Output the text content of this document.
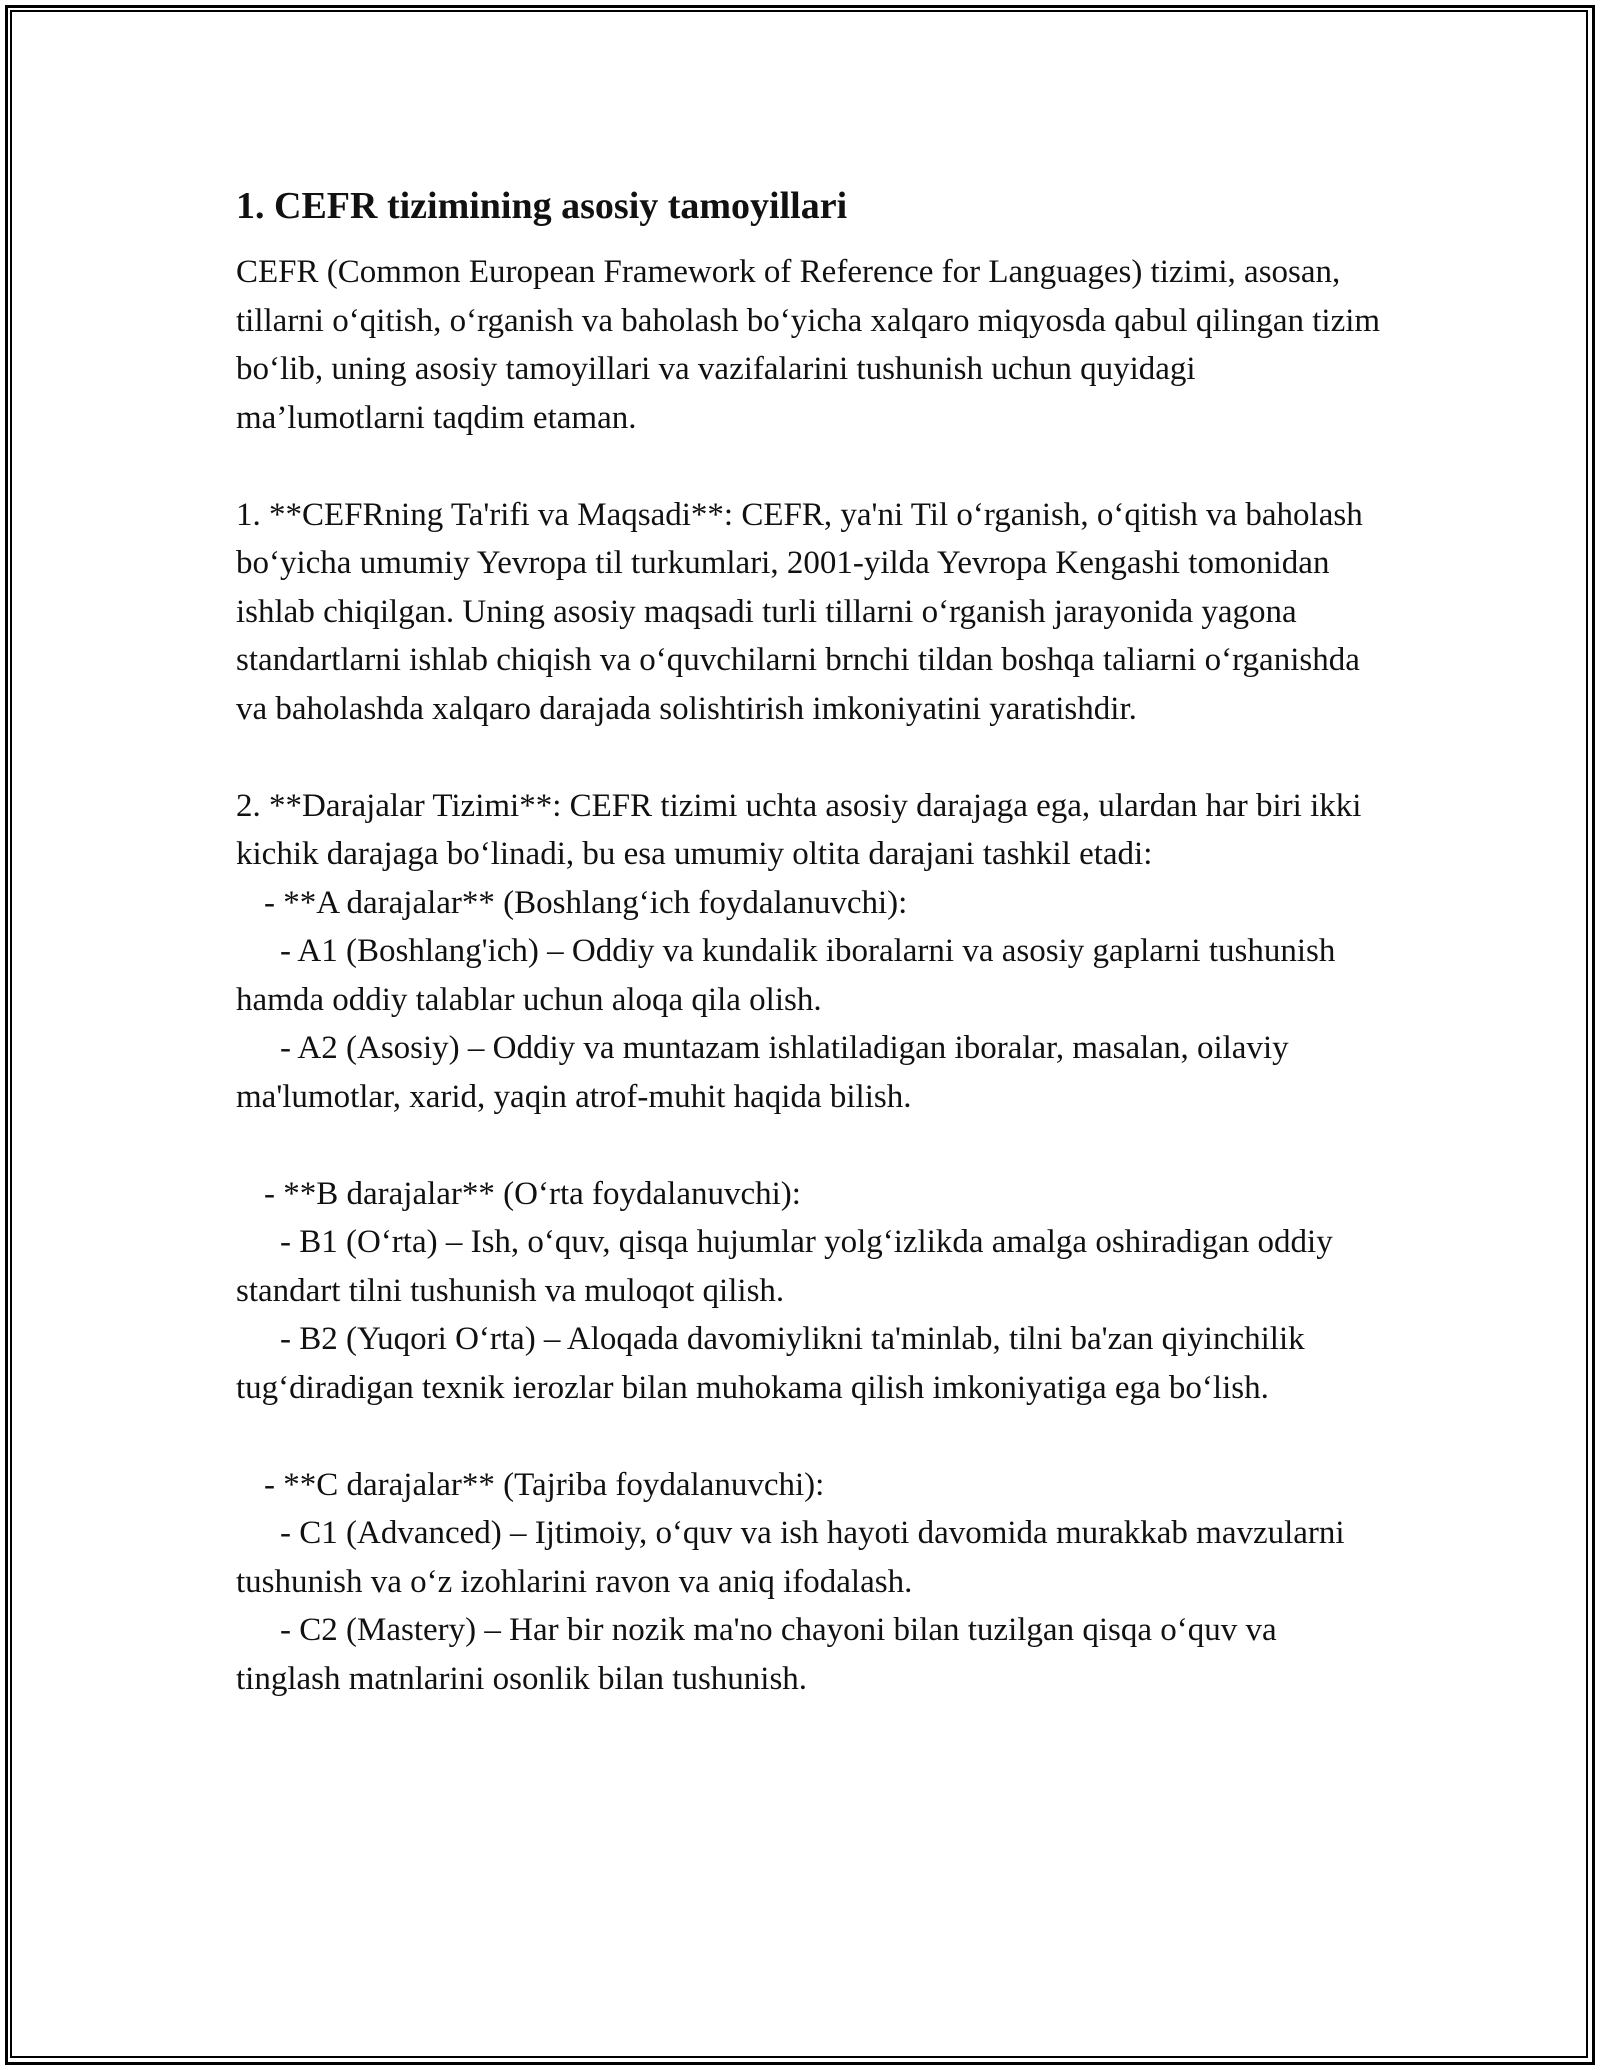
1. CEFR tizimining asosiy tamoyillari

CEFR (Common European Framework of Reference for Languages) tizimi, asosan, tillarni o‘qitish, o‘rganish va baholash bo‘yicha xalqaro miqyosda qabul qilingan tizim bo‘lib, uning asosiy tamoyillari va vazifalarini tushunish uchun quyidagi ma’lumotlarni taqdim etaman.

1. **CEFRning Ta'rifi va Maqsadi**: CEFR, ya'ni Til o‘rganish, o‘qitish va baholash bo‘yicha umumiy Yevropa til turkumlari, 2001-yilda Yevropa Kengashi tomonidan ishlab chiqilgan. Uning asosiy maqsadi turli tillarni o‘rganish jarayonida yagona standartlarni ishlab chiqish va o‘quvchilarni brnchi tildan boshqa taliarni o‘rganishda va baholashda xalqaro darajada solishtirish imkoniyatini yaratishdir.

2. **Darajalar Tizimi**: CEFR tizimi uchta asosiy darajaga ega, ulardan har biri ikki kichik darajaga bo‘linadi, bu esa umumiy oltita darajani tashkil etadi:

- **A darajalar** (Boshlang‘ich foydalanuvchi):

- A1 (Boshlang'ich) – Oddiy va kundalik iboralarni va asosiy gaplarni tushunish hamda oddiy talablar uchun aloqa qila olish.

- A2 (Asosiy) – Oddiy va muntazam ishlatiladigan iboralar, masalan, oilaviy ma'lumotlar, xarid, yaqin atrof-muhit haqida bilish.

- **B darajalar** (O‘rta foydalanuvchi):

- B1 (O‘rta) – Ish, o‘quv, qisqa hujumlar yolg‘izlikda amalga oshiradigan oddiy standart tilni tushunish va muloqot qilish.

- B2 (Yuqori O‘rta) – Aloqada davomiylikni ta'minlab, tilni ba'zan qiyinchilik tug‘diradigan texnik ierozlar bilan muhokama qilish imkoniyatiga ega bo‘lish.

- **C darajalar** (Tajriba foydalanuvchi):

- C1 (Advanced) – Ijtimoiy, o‘quv va ish hayoti davomida murakkab mavzularni tushunish va o‘z izohlarini ravon va aniq ifodalash.

- C2 (Mastery) – Har bir nozik ma'no chayoni bilan tuzilgan qisqa o‘quv va tinglash matnlarini osonlik bilan tushunish.
